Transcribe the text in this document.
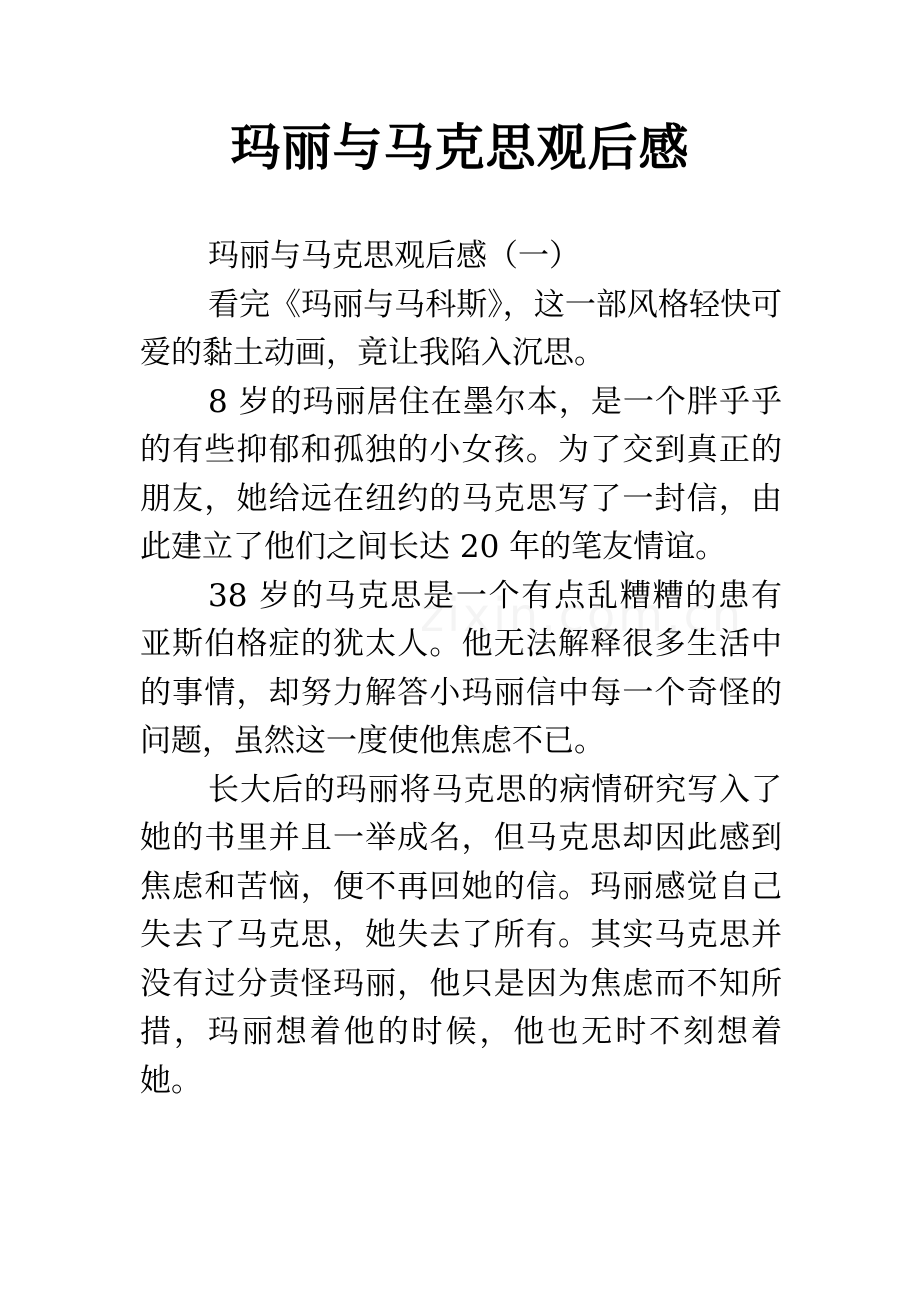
玛丽与马克思观后感

玛丽与马克思观后感（一）

看完《玛丽与马科斯》，这一部风格轻快可爱的黏土动画，竟让我陷入沉思。

8 岁的玛丽居住在墨尔本，是一个胖乎乎的有些抑郁和孤独的小女孩。为了交到真正的朋友，她给远在纽约的马克思写了一封信，由此建立了他们之间长达 20 年的笔友情谊。

38 岁的马克思是一个有点乱糟糟的患有亚斯伯格症的犹太人。他无法解释很多生活中的事情，却努力解答小玛丽信中每一个奇怪的问题，虽然这一度使他焦虑不已。

长大后的玛丽将马克思的病情研究写入了她的书里并且一举成名，但马克思却因此感到焦虑和苦恼，便不再回她的信。玛丽感觉自己失去了马克思，她失去了所有。其实马克思并没有过分责怪玛丽，他只是因为焦虑而不知所措，玛丽想着他的时候，他也无时不刻想着她。
